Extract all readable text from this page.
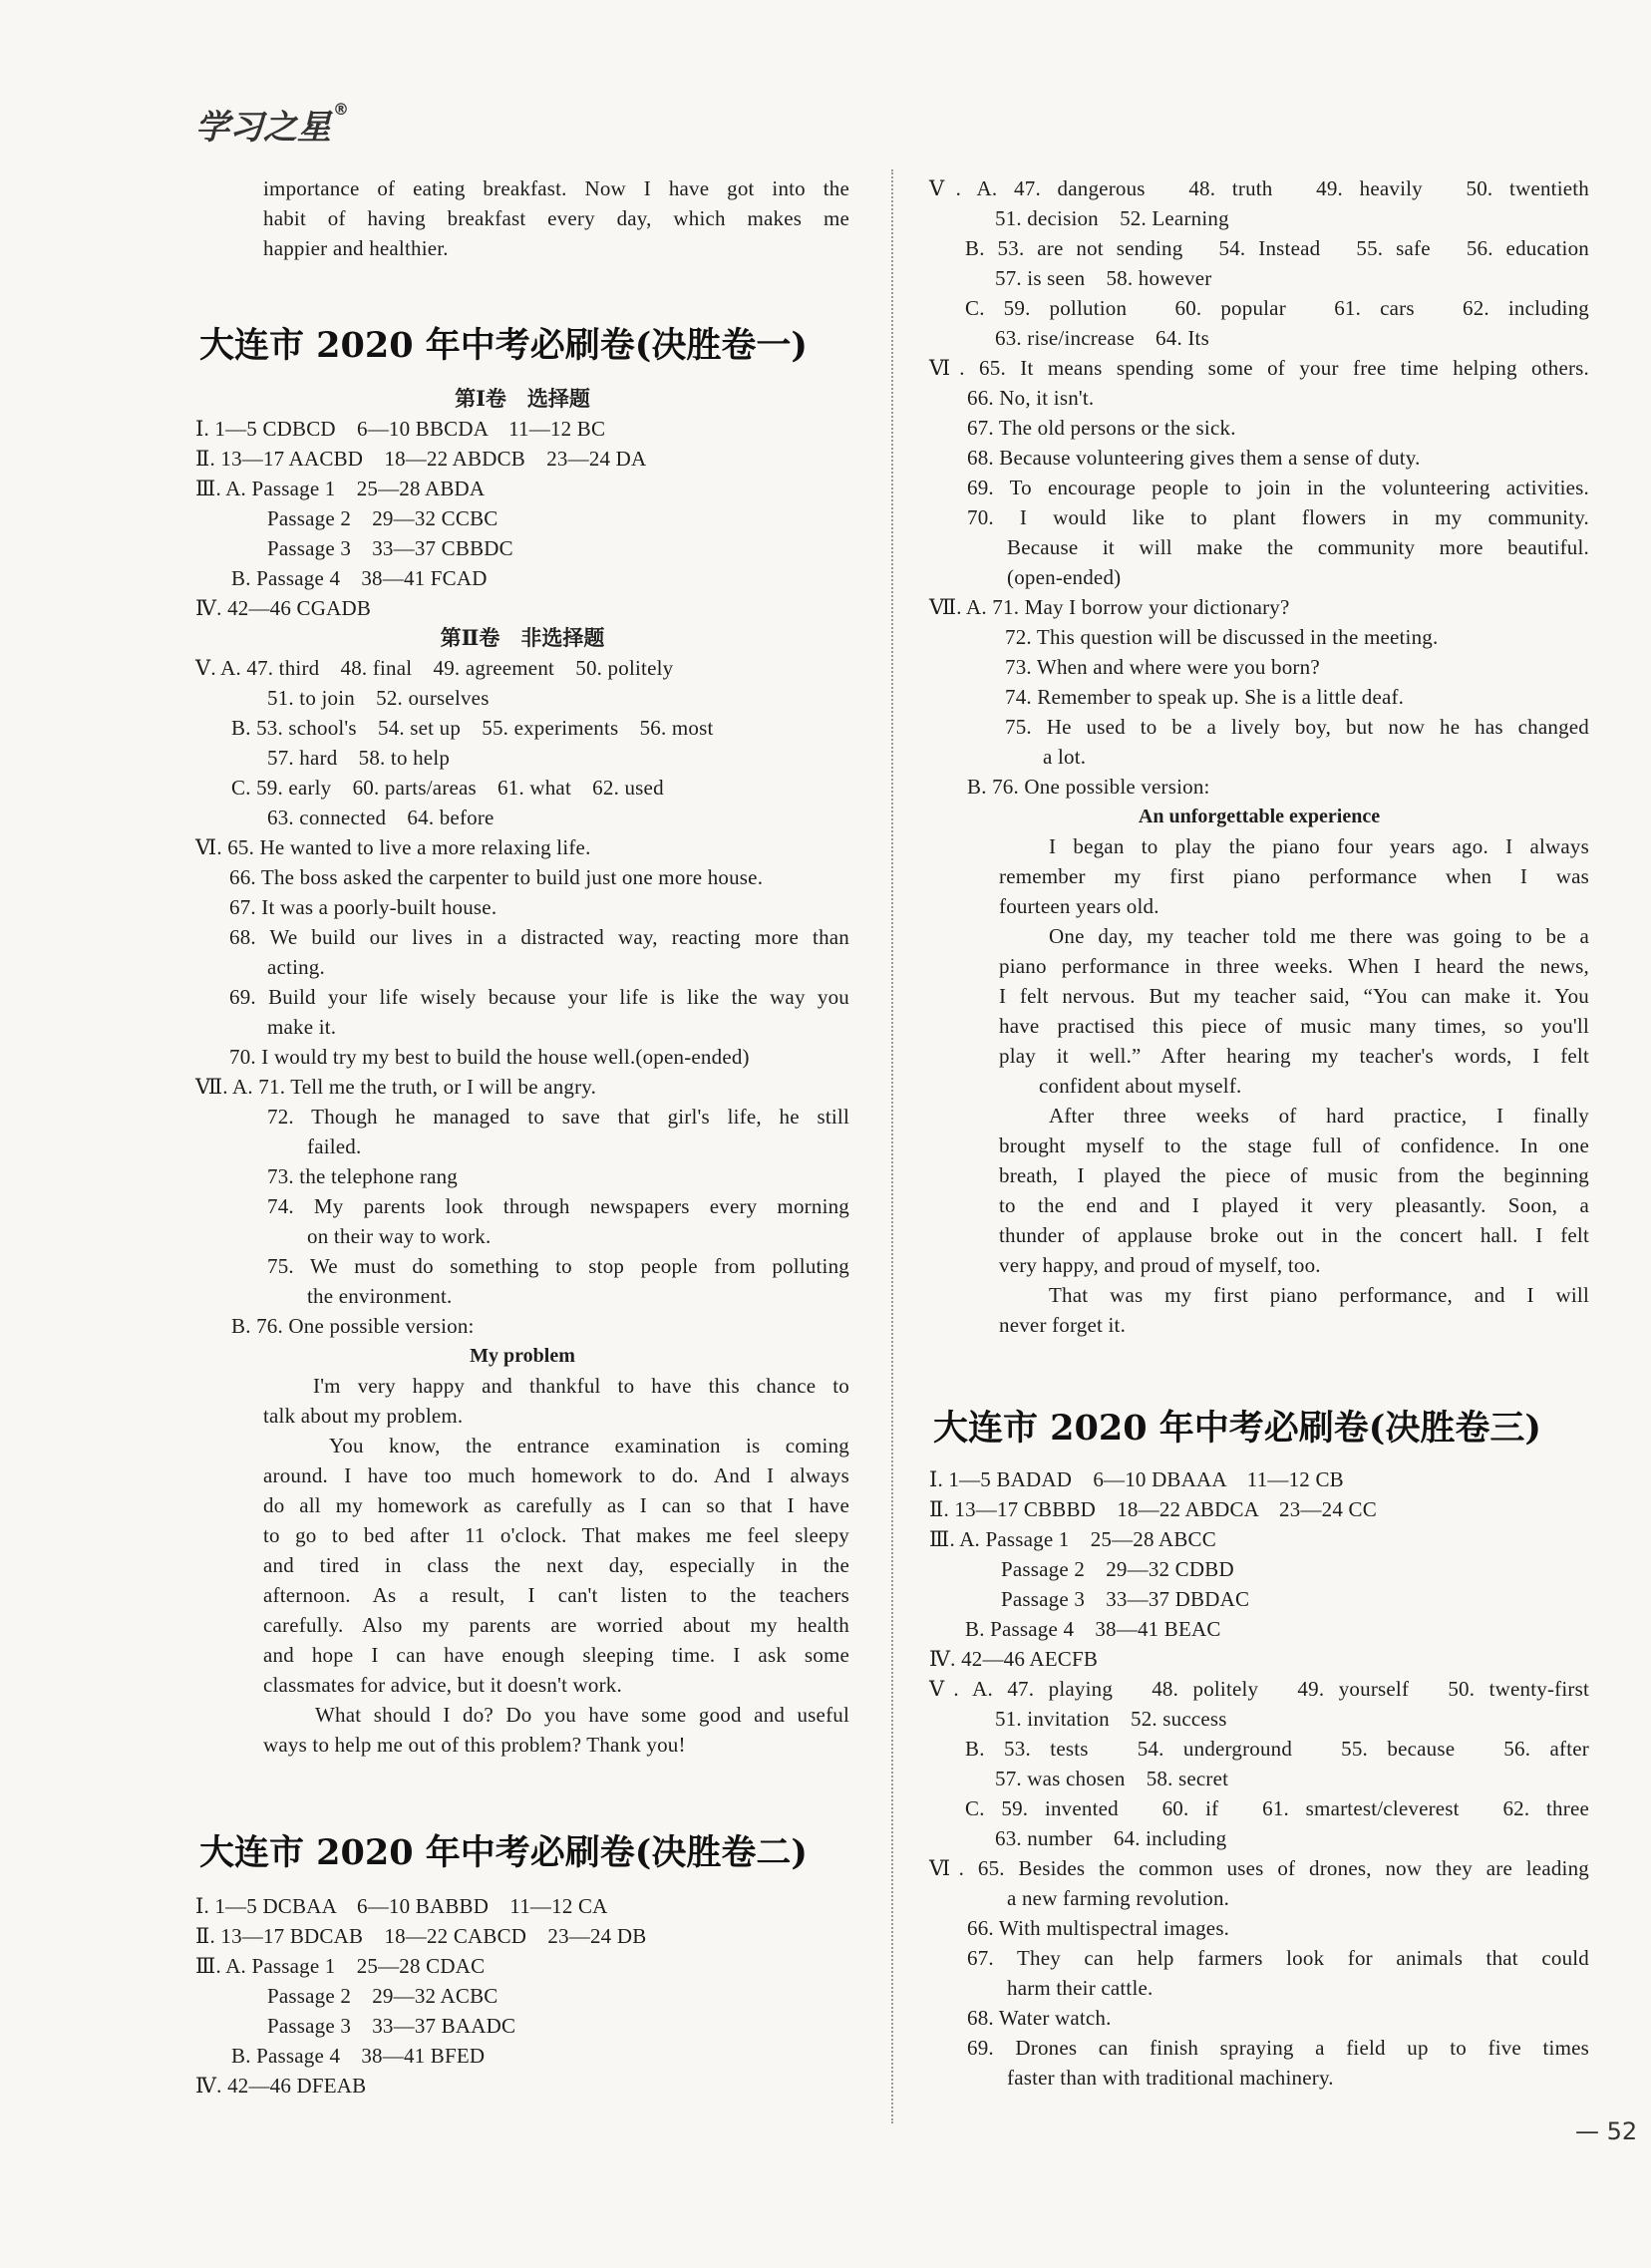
学习之星 ®
importance of eating breakfast. Now I have got into the
habit of having breakfast every day, which makes me
happier and healthier.
大连市 2020 年中考必刷卷(决胜卷一)
第Ⅰ卷　选择题
Ⅰ. 1—5 CDBCD　6—10 BBCDA　11—12 BC
Ⅱ. 13—17 AACBD　18—22 ABDCB　23—24 DA
Ⅲ. A. Passage 1　25—28 ABDA
Passage 2　29—32 CCBC
Passage 3　33—37 CBBDC
B. Passage 4　38—41 FCAD
Ⅳ. 42—46 CGADB
第Ⅱ卷　非选择题
Ⅴ. A. 47. third　48. final　49. agreement　50. politely
51. to join　52. ourselves
B. 53. school's　54. set up　55. experiments　56. most
57. hard　58. to help
C. 59. early　60. parts/areas　61. what　62. used
63. connected　64. before
Ⅵ. 65. He wanted to live a more relaxing life.
66. The boss asked the carpenter to build just one more house.
67. It was a poorly-built house.
68. We build our lives in a distracted way, reacting more than
acting.
69. Build your life wisely because your life is like the way you
make it.
70. I would try my best to build the house well.(open-ended)
Ⅶ. A. 71. Tell me the truth, or I will be angry.
72. Though he managed to save that girl's life, he still
failed.
73. the telephone rang
74. My parents look through newspapers every morning
on their way to work.
75. We must do something to stop people from polluting
the environment.
B. 76. One possible version:
My problem
I'm very happy and thankful to have this chance to
talk about my problem.
You know, the entrance examination is coming
around. I have too much homework to do. And I always
do all my homework as carefully as I can so that I have
to go to bed after 11 o'clock. That makes me feel sleepy
and tired in class the next day, especially in the
afternoon. As a result, I can't listen to the teachers
carefully. Also my parents are worried about my health
and hope I can have enough sleeping time. I ask some
classmates for advice, but it doesn't work.
What should I do? Do you have some good and useful
ways to help me out of this problem? Thank you!
大连市 2020 年中考必刷卷(决胜卷二)
Ⅰ. 1—5 DCBAA　6—10 BABBD　11—12 CA
Ⅱ. 13—17 BDCAB　18—22 CABCD　23—24 DB
Ⅲ. A. Passage 1　25—28 CDAC
Passage 2　29—32 ACBC
Passage 3　33—37 BAADC
B. Passage 4　38—41 BFED
Ⅳ. 42—46 DFEAB
Ⅴ. A. 47. dangerous　48. truth　49. heavily　50. twentieth
51. decision　52. Learning
B. 53. are not sending　54. Instead　55. safe　56. education
57. is seen　58. however
C. 59. pollution　60. popular　61. cars　62. including
63. rise/increase　64. Its
Ⅵ. 65. It means spending some of your free time helping others.
66. No, it isn't.
67. The old persons or the sick.
68. Because volunteering gives them a sense of duty.
69. To encourage people to join in the volunteering activities.
70. I would like to plant flowers in my community.
Because it will make the community more beautiful.
(open-ended)
Ⅶ. A. 71. May I borrow your dictionary?
72. This question will be discussed in the meeting.
73. When and where were you born?
74. Remember to speak up. She is a little deaf.
75. He used to be a lively boy, but now he has changed
a lot.
B. 76. One possible version:
An unforgettable experience
I began to play the piano four years ago. I always
remember my first piano performance when I was
fourteen years old.
One day, my teacher told me there was going to be a
piano performance in three weeks. When I heard the news,
I felt nervous. But my teacher said, “You can make it. You
have practised this piece of music many times, so you'll
play it well.” After hearing my teacher's words, I felt
confident about myself.
After three weeks of hard practice, I finally
brought myself to the stage full of confidence. In one
breath, I played the piece of music from the beginning
to the end and I played it very pleasantly. Soon, a
thunder of applause broke out in the concert hall. I felt
very happy, and proud of myself, too.
That was my first piano performance, and I will
never forget it.
大连市 2020 年中考必刷卷(决胜卷三)
Ⅰ. 1—5 BADAD　6—10 DBAAA　11—12 CB
Ⅱ. 13—17 CBBBD　18—22 ABDCA　23—24 CC
Ⅲ. A. Passage 1　25—28 ABCC
Passage 2　29—32 CDBD
Passage 3　33—37 DBDAC
B. Passage 4　38—41 BEAC
Ⅳ. 42—46 AECFB
Ⅴ. A. 47. playing　48. politely　49. yourself　50. twenty-first
51. invitation　52. success
B. 53. tests　54. underground　55. because　56. after
57. was chosen　58. secret
C. 59. invented　60. if　61. smartest/cleverest　62. three
63. number　64. including
Ⅵ. 65. Besides the common uses of drones, now they are leading
a new farming revolution.
66. With multispectral images.
67. They can help farmers look for animals that could
harm their cattle.
68. Water watch.
69. Drones can finish spraying a field up to five times
faster than with traditional machinery.
— 52
